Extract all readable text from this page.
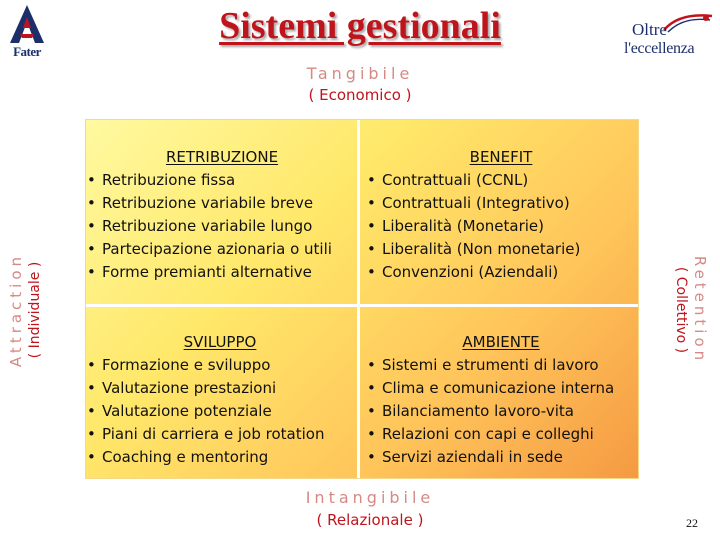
Fater
Sistemi gestionali	Oltre
l'eccellenza
Tangibile
( Economico )
Attraction ( Individuale )	Retention
( Collettivo )
RETRIBUZIONE
• Retribuzione fissa
• Retribuzione variabile breve
• Retribuzione variabile lungo
• Partecipazione azionaria o utili
• Forme premianti alternative
BENEFIT
• Contrattuali (CCNL)
• Contrattuali (Integrativo)
• Liberalità (Monetarie)
• Liberalità (Non monetarie)
• Convenzioni (Aziendali)
SVILUPPO
• Formazione e sviluppo
• Valutazione prestazioni
• Valutazione potenziale
• Piani di carriera e job rotation
• Coaching e mentoring
AMBIENTE
• Sistemi e strumenti di lavoro
• Clima e comunicazione interna
• Bilanciamento lavoro-vita
• Relazioni con capi e colleghi
• Servizi aziendali in sede
Intangibile
( Relazionale )	22
